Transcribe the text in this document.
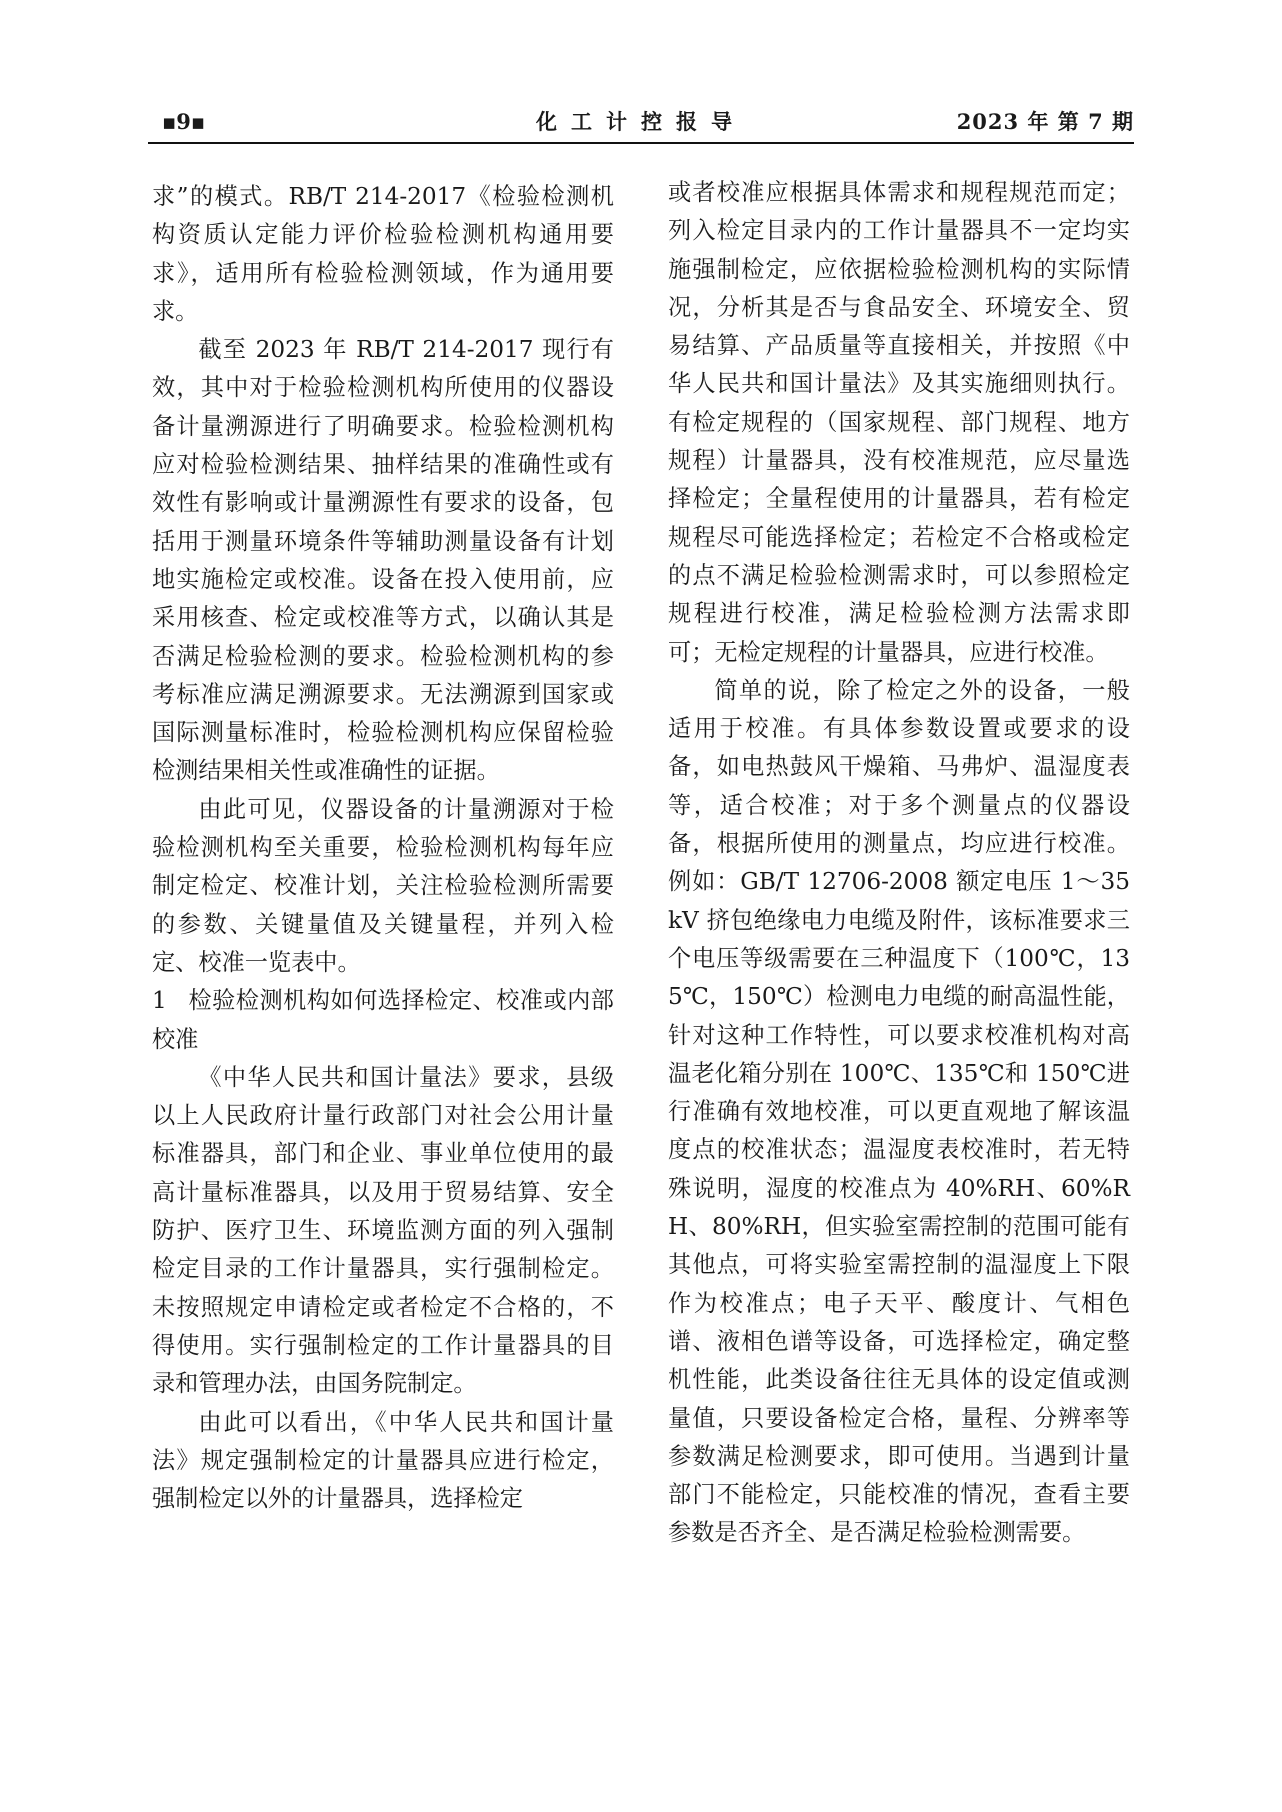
▪9▪	化工计控报导	2023 年 第 7 期

求”的模式。RB/T 214-2017《检验检测机构资质认定能力评价检验检测机构通用要求》，适用所有检验检测领域，作为通用要求。

截至 2023 年 RB/T 214-2017 现行有效，其中对于检验检测机构所使用的仪器设备计量溯源进行了明确要求。检验检测机构应对检验检测结果、抽样结果的准确性或有效性有影响或计量溯源性有要求的设备，包括用于测量环境条件等辅助测量设备有计划地实施检定或校准。设备在投入使用前，应采用核查、检定或校准等方式，以确认其是否满足检验检测的要求。检验检测机构的参考标准应满足溯源要求。无法溯源到国家或国际测量标准时，检验检测机构应保留检验检测结果相关性或准确性的证据。

由此可见，仪器设备的计量溯源对于检验检测机构至关重要，检验检测机构每年应制定检定、校准计划，关注检验检测所需要的参数、关键量值及关键量程，并列入检定、校准一览表中。

1 检验检测机构如何选择检定、校准或内部校准

《中华人民共和国计量法》要求，县级以上人民政府计量行政部门对社会公用计量标准器具，部门和企业、事业单位使用的最高计量标准器具，以及用于贸易结算、安全防护、医疗卫生、环境监测方面的列入强制检定目录的工作计量器具，实行强制检定。未按照规定申请检定或者检定不合格的，不得使用。实行强制检定的工作计量器具的目录和管理办法，由国务院制定。

由此可以看出，《中华人民共和国计量法》规定强制检定的计量器具应进行检定，强制检定以外的计量器具，选择检定

或者校准应根据具体需求和规程规范而定；列入检定目录内的工作计量器具不一定均实施强制检定，应依据检验检测机构的实际情况，分析其是否与食品安全、环境安全、贸易结算、产品质量等直接相关，并按照《中华人民共和国计量法》及其实施细则执行。有检定规程的（国家规程、部门规程、地方规程）计量器具，没有校准规范，应尽量选择检定；全量程使用的计量器具，若有检定规程尽可能选择检定；若检定不合格或检定的点不满足检验检测需求时，可以参照检定规程进行校准，满足检验检测方法需求即可；无检定规程的计量器具，应进行校准。

简单的说，除了检定之外的设备，一般适用于校准。有具体参数设置或要求的设备，如电热鼓风干燥箱、马弗炉、温湿度表等，适合校准；对于多个测量点的仪器设备，根据所使用的测量点，均应进行校准。例如：GB/T 12706-2008 额定电压 1～35 kV 挤包绝缘电力电缆及附件，该标准要求三个电压等级需要在三种温度下（100℃，135℃，150℃）检测电力电缆的耐高温性能，针对这种工作特性，可以要求校准机构对高温老化箱分别在 100℃、135℃和 150℃进行准确有效地校准，可以更直观地了解该温度点的校准状态；温湿度表校准时，若无特殊说明，湿度的校准点为 40%RH、60%RH、80%RH，但实验室需控制的范围可能有其他点，可将实验室需控制的温湿度上下限作为校准点；电子天平、酸度计、气相色谱、液相色谱等设备，可选择检定，确定整机性能，此类设备往往无具体的设定值或测量值，只要设备检定合格，量程、分辨率等参数满足检测要求，即可使用。当遇到计量部门不能检定，只能校准的情况，查看主要参数是否齐全、是否满足检验检测需要。
